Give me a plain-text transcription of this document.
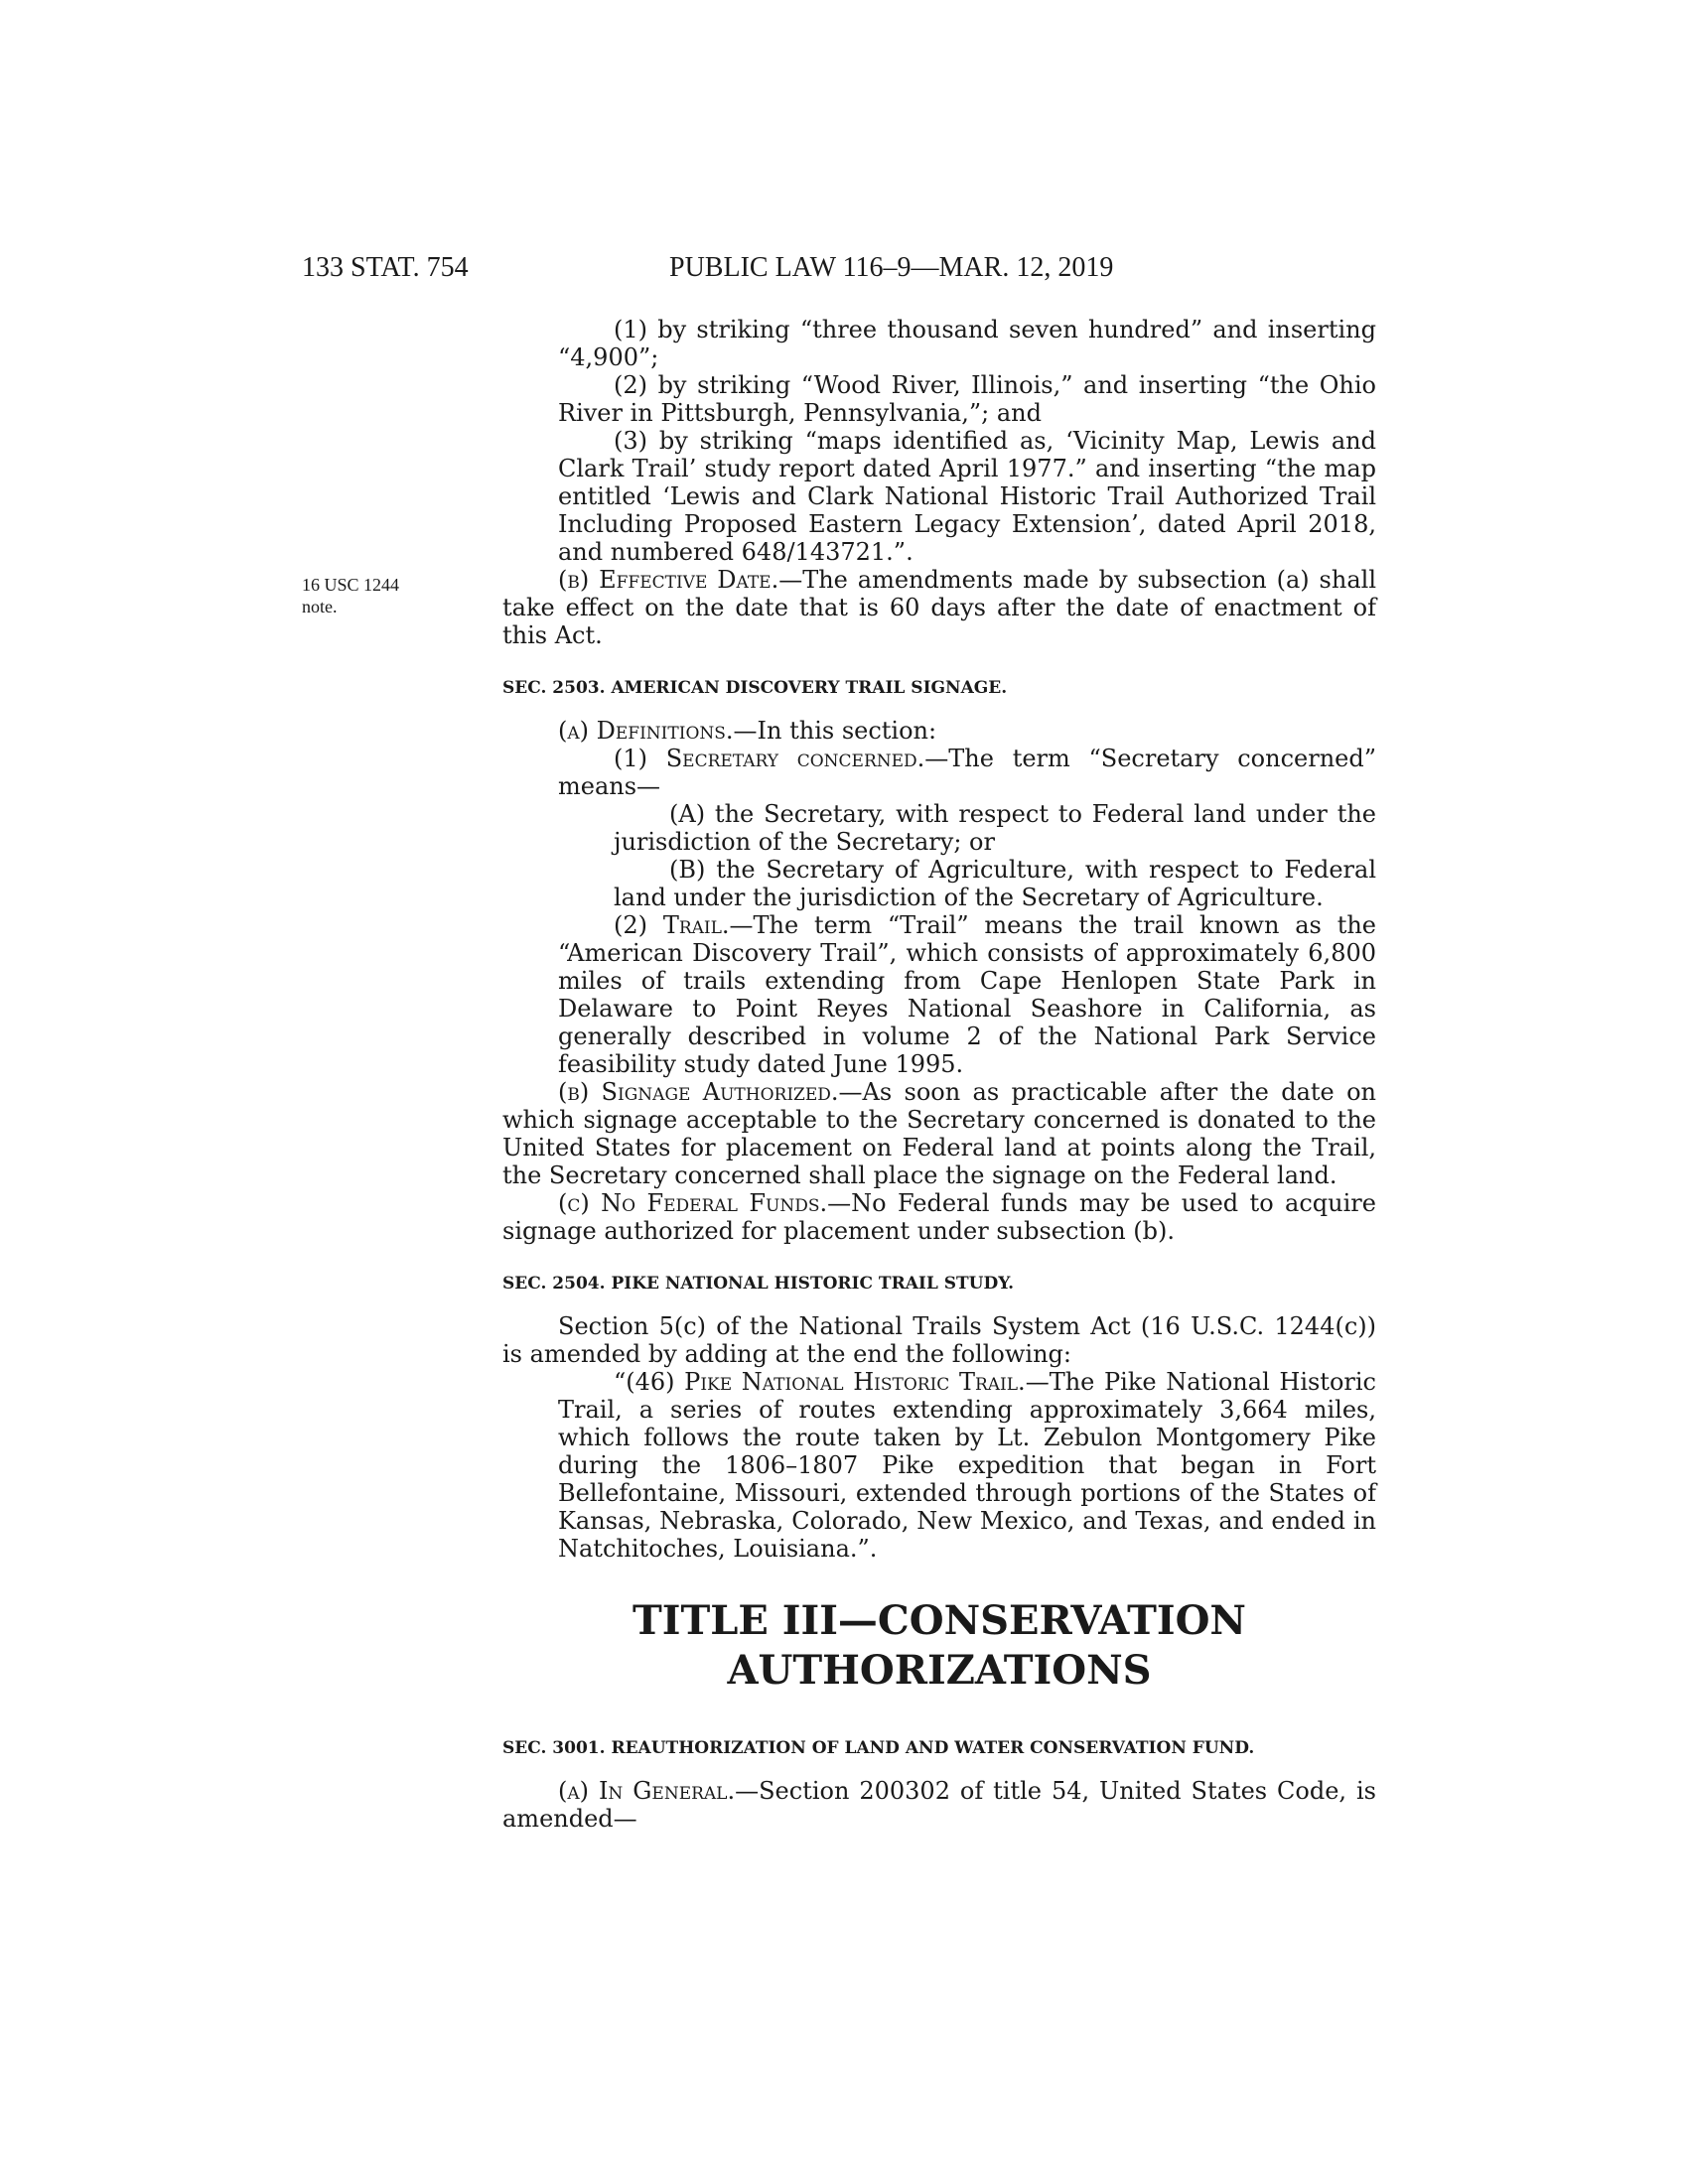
133 STAT. 754	PUBLIC LAW 116–9—MAR. 12, 2019
16 USC 1244
note.

(1) by striking “three thousand seven hundred” and inserting “4,900”;

(2) by striking “Wood River, Illinois,” and inserting “the Ohio River in Pittsburgh, Pennsylvania,”; and

(3) by striking “maps identified as, ‘Vicinity Map, Lewis and Clark Trail’ study report dated April 1977.” and inserting “the map entitled ‘Lewis and Clark National Historic Trail Authorized Trail Including Proposed Eastern Legacy Extension’, dated April 2018, and numbered 648/143721.”.

(b) Effective Date.—The amendments made by subsection (a) shall take effect on the date that is 60 days after the date of enactment of this Act.

SEC. 2503. AMERICAN DISCOVERY TRAIL SIGNAGE.

(a) Definitions.—In this section:

(1) Secretary concerned.—The term “Secretary concerned” means—

(A) the Secretary, with respect to Federal land under the jurisdiction of the Secretary; or

(B) the Secretary of Agriculture, with respect to Federal land under the jurisdiction of the Secretary of Agriculture.

(2) Trail.—The term “Trail” means the trail known as the “American Discovery Trail”, which consists of approximately 6,800 miles of trails extending from Cape Henlopen State Park in Delaware to Point Reyes National Seashore in California, as generally described in volume 2 of the National Park Service feasibility study dated June 1995.

(b) Signage Authorized.—As soon as practicable after the date on which signage acceptable to the Secretary concerned is donated to the United States for placement on Federal land at points along the Trail, the Secretary concerned shall place the signage on the Federal land.

(c) No Federal Funds.—No Federal funds may be used to acquire signage authorized for placement under subsection (b).

SEC. 2504. PIKE NATIONAL HISTORIC TRAIL STUDY.

Section 5(c) of the National Trails System Act (16 U.S.C. 1244(c)) is amended by adding at the end the following:

“(46) Pike National Historic Trail.—The Pike National Historic Trail, a series of routes extending approximately 3,664 miles, which follows the route taken by Lt. Zebulon Montgomery Pike during the 1806–1807 Pike expedition that began in Fort Bellefontaine, Missouri, extended through portions of the States of Kansas, Nebraska, Colorado, New Mexico, and Texas, and ended in Natchitoches, Louisiana.”.

TITLE III—CONSERVATION
AUTHORIZATIONS
SEC. 3001. REAUTHORIZATION OF LAND AND WATER CONSERVATION FUND.

(a) In General.—Section 200302 of title 54, United States Code, is amended—
